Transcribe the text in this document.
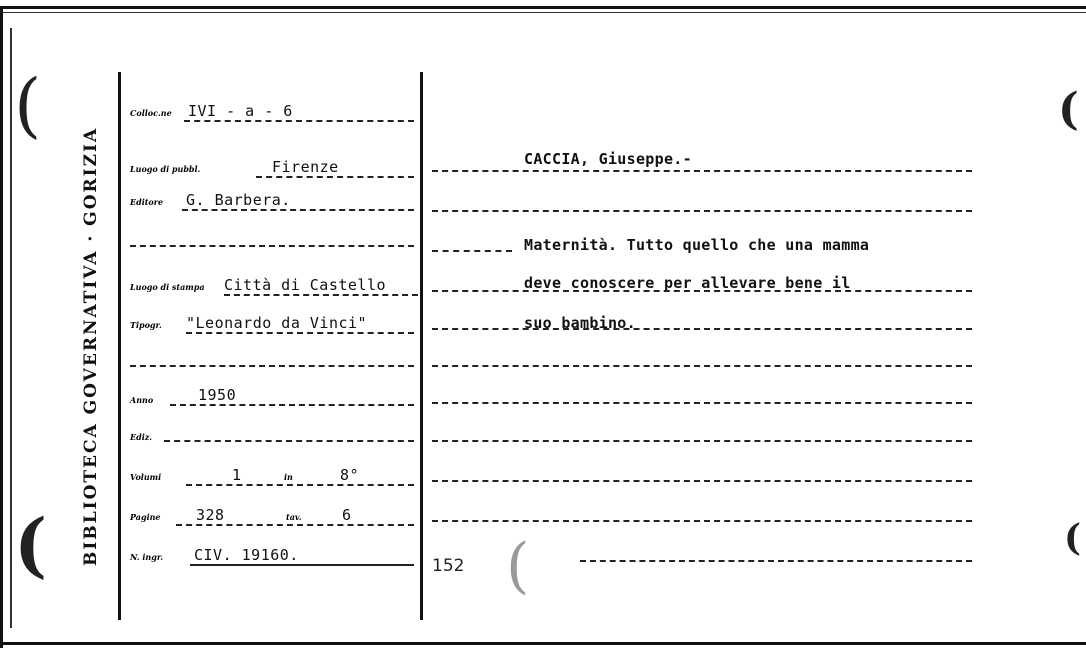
(
(
(
(
BIBLIOTECA GOVERNATIVA · GORIZIA
Colloc.ne IVI - a - 6
Luogo di pubbl.	Firenze
Editore G. Barbera.
Luogo di stampa Città di Castello
Tipogr. "Leonardo da Vinci"
Anno	1950
Ediz.
Volumi	1	in	8°
Pagine 328	tav.	6
N. ingr. CIV. 19160.
152 (
CACCIA, Giuseppe.-
Maternità. Tutto quello che una mamma
deve conoscere per allevare bene il
suo bambino.
